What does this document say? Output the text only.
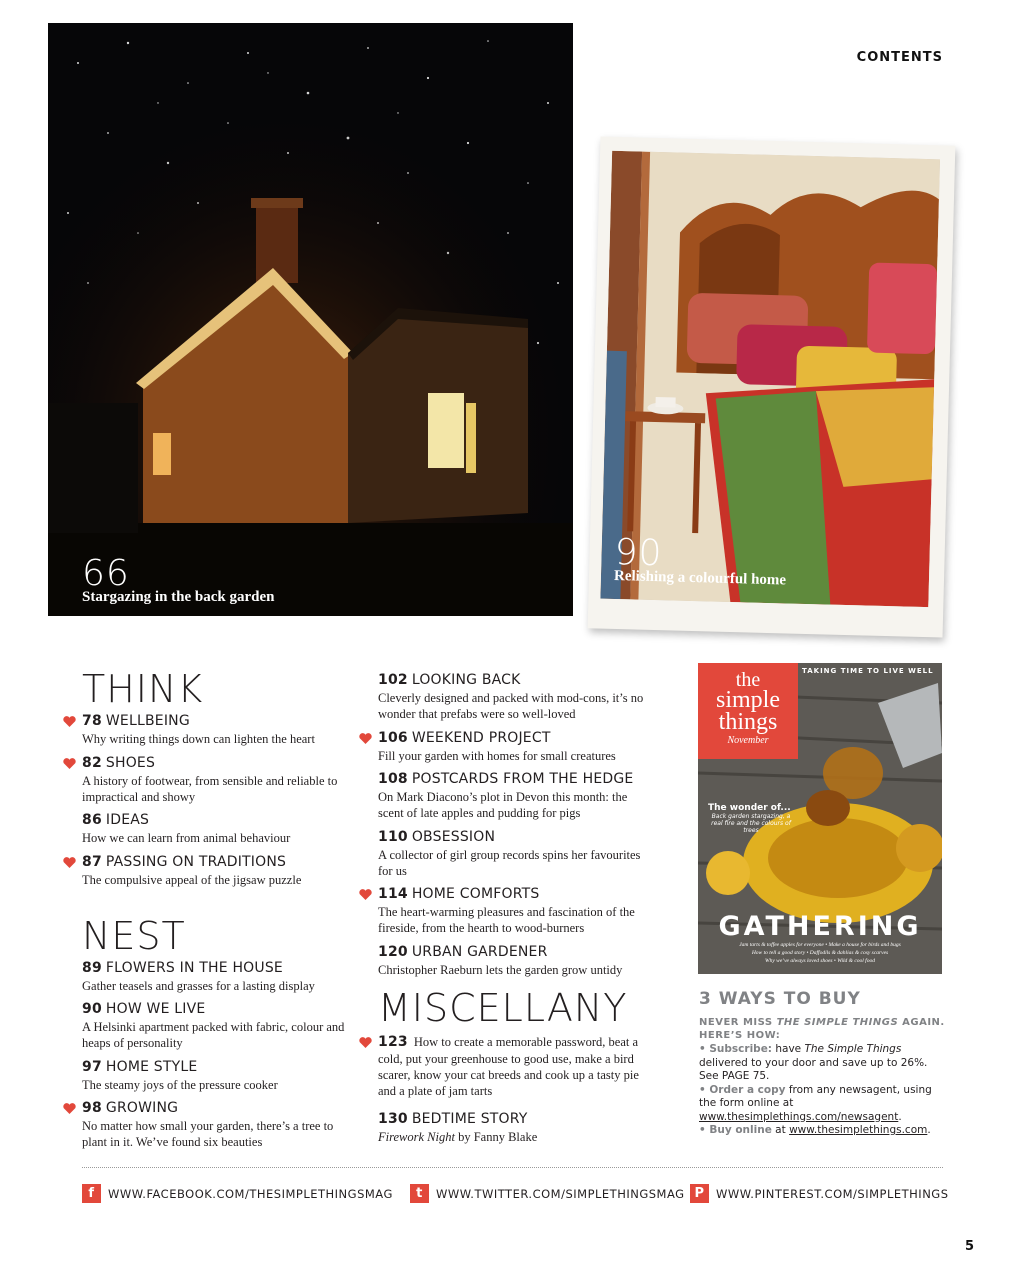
CONTENTS
66
Stargazing in the back garden
90
Relishing a colourful home
THINK
78 WELLBEING
Why writing things down can lighten the heart
82 SHOES
A history of footwear, from sensible and reliable to impractical and showy
86 IDEAS
How we can learn from animal behaviour
87 PASSING ON TRADITIONS
The compulsive appeal of the jigsaw puzzle
NEST
89 FLOWERS IN THE HOUSE
Gather teasels and grasses for a lasting display
90 HOW WE LIVE
A Helsinki apartment packed with fabric, colour and heaps of personality
97 HOME STYLE
The steamy joys of the pressure cooker
98 GROWING
No matter how small your garden, there’s a tree to plant in it. We’ve found six beauties
102 LOOKING BACK
Cleverly designed and packed with mod-cons, it’s no wonder that prefabs were so well-loved
106 WEEKEND PROJECT
Fill your garden with homes for small creatures
108 POSTCARDS FROM THE HEDGE
On Mark Diacono’s plot in Devon this month: the scent of late apples and pudding for pigs
110 OBSESSION
A collector of girl group records spins her favourites for us
114 HOME COMFORTS
The heart-warming pleasures and fascination of the fireside, from the hearth to wood-burners
120 URBAN GARDENER
Christopher Raeburn lets the garden grow untidy
MISCELLANY
123 How to create a memorable password, beat a cold, put your greenhouse to good use, make a bird scarer, know your cat breeds and cook up a tasty pie and a plate of jam tarts
130 BEDTIME STORY
Firework Night by Fanny Blake
the
simple
things
November
TAKING TIME TO LIVE WELL
The wonder of...
Back garden stargazing, a real fire and the colours of trees
GATHERING
Jam tarts & toffee apples for everyone • Make a house for birds and bugs
How to tell a good story • Daffodils & dahlias & cosy scarves
Why we’ve always loved shoes • Wild & cool food
3 WAYS TO BUY
NEVER MISS THE SIMPLE THINGS AGAIN.
HERE’S HOW:
• Subscribe: have The Simple Things delivered to your door and save up to 26%. See PAGE 75.
• Order a copy from any newsagent, using the form online at www.thesimplethings.com/newsagent.
• Buy online at www.thesimplethings.com.
f	WWW.FACEBOOK.COM/THESIMPLETHINGSMAG	t	WWW.TWITTER.COM/SIMPLETHINGSMAG P WWW.PINTEREST.COM/SIMPLETHINGS
5
